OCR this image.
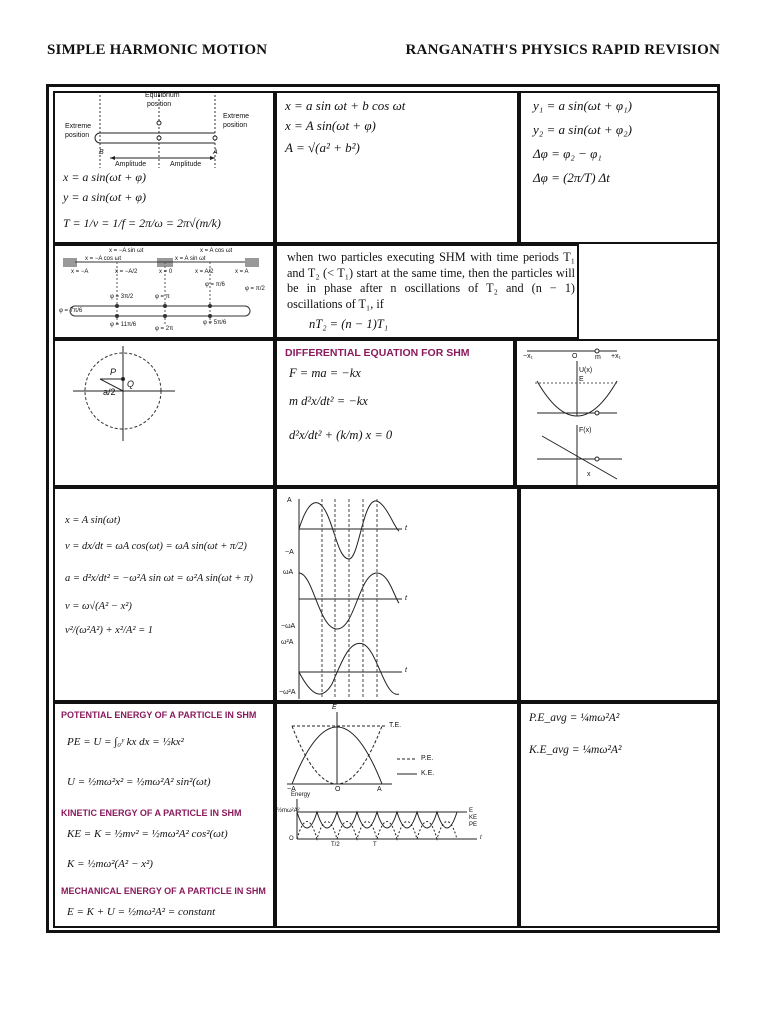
SIMPLE HARMONIC MOTION	RANGANATH'S PHYSICS RAPID REVISION
Equilibrium
position
Extreme
position
Extreme
position
B	A
Amplitude	Amplitude
x = a sin(ωt + φ)
y = a sin(ωt + φ)
T = 1/ν = 1/f = 2π/ω = 2π√(m/k)
x = a sin ωt + b cos ωt
x = A sin(ωt + φ)
A = √(a² + b²)
y₁ = a sin(ωt + φ₁)
y₂ = a sin(ωt + φ₂)
Δφ = φ₂ − φ₁
Δφ = (2π/T) Δt
x = −A sin ωt	x = A cos ωt
x = −A cos ωt	x = A sin ωt
x = −A	x = −A/2	x = 0	x = A/2	x = A
φ = 7π/6
φ = 3π/2
φ = 11π/6
φ = 2π
φ = π
φ = 5π/6
φ = π/2
φ = π/6
when two particles executing SHM with time periods T₁ and T₂ (< T₁) start at the same time, then the particles will be in phase after n oscillations of T₂ and (n − 1) oscillations of T₁, if
nT₂ = (n − 1)T₁
P
Q
a/2
DIFFERENTIAL EQUATION FOR SHM
F = ma = −kx
m d²x/dt² = −kx
d²x/dt² + (k/m) x = 0
−x₁	O	m +x₁
U(x)
E
F(x)
x
x = A sin(ωt)
v = dx/dt = ωA cos(ωt) = ωA sin(ωt + π/2)
a = d²x/dt² = −ω²A sin ωt = ω²A sin(ωt + π)
v = ω√(A² − x²)
v²/(ω²A²) + x²/A² = 1
A
−A
t
ωA
−ωA
t
ω²A
−ω²A
t
POTENTIAL ENERGY OF A PARTICLE IN SHM
PE = U = ∫₀ʸ kx dx = ½kx²
U = ½mω²x² = ½mω²A² sin²(ωt)
KINETIC ENERGY OF A PARTICLE IN SHM
KE = K = ½mv² = ½mω²A² cos²(ωt)
K = ½mω²(A² − x²)
MECHANICAL ENERGY OF A PARTICLE IN SHM
E = K + U = ½mω²A² = constant
E
T.E.
P.E.
K.E.
−A	O	A
Energy
½mω²A²
O
T/2	T
E
KE
PE
t
P.E_avg = ¼mω²A²
K.E_avg = ¼mω²A²
